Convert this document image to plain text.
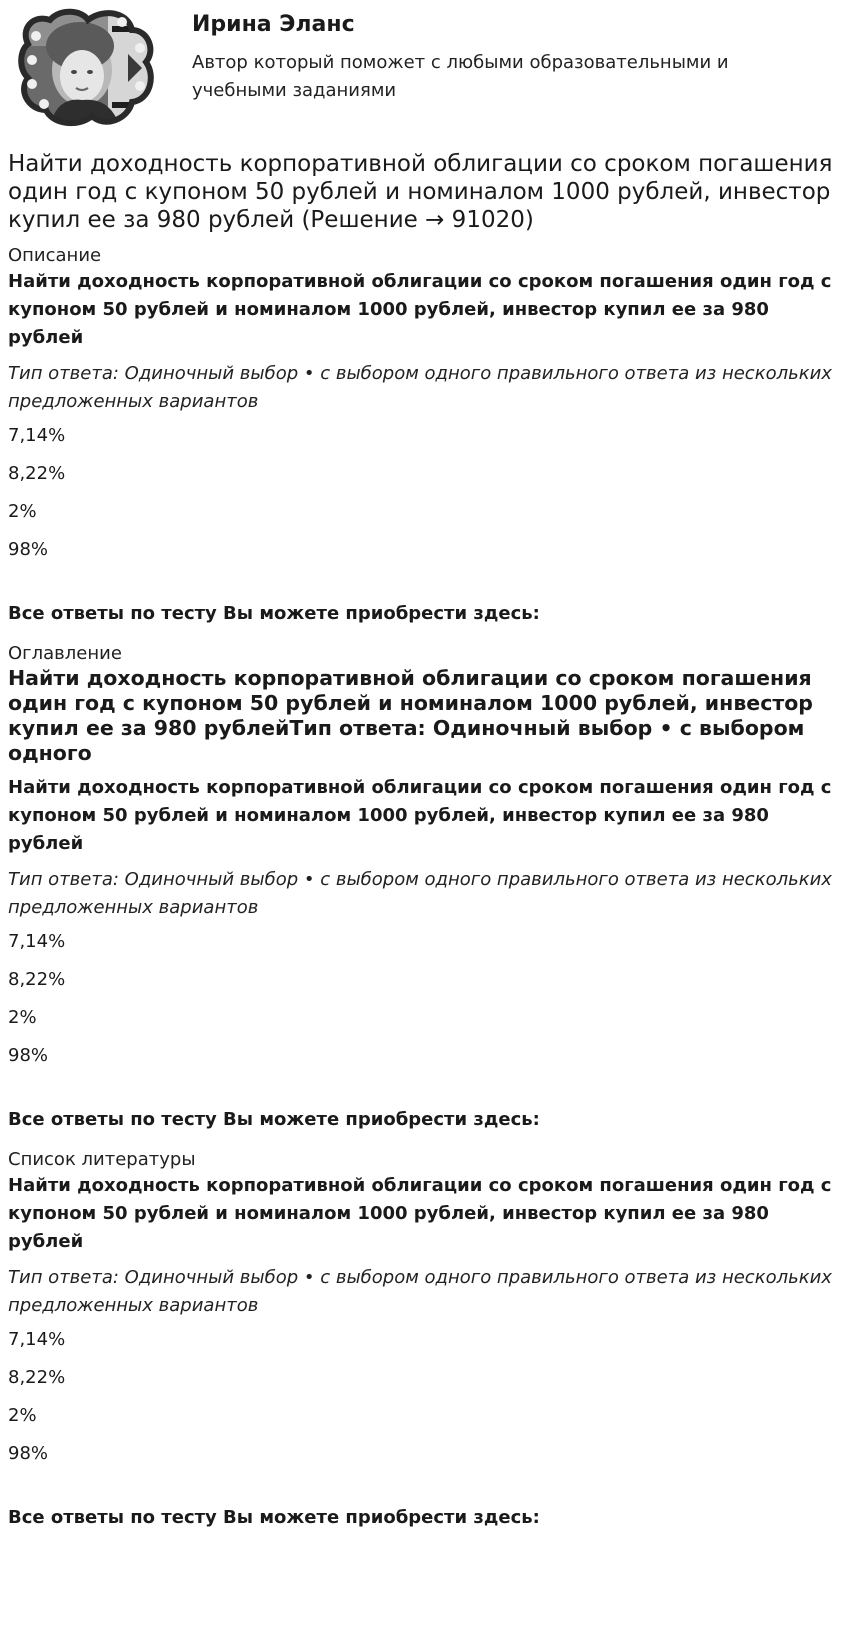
Ирина Эланс

Автор который поможет с любыми образовательными и учебными заданиями

Найти доходность корпоративной облигации со сроком погашения один год с купоном 50 рублей и номиналом 1000 рублей, инвестор купил ее за 980 рублей (Решение → 91020)

Описание

Найти доходность корпоративной облигации со сроком погашения один год с купоном 50 рублей и номиналом 1000 рублей, инвестор купил ее за 980 рублей

Тип ответа: Одиночный выбор • с выбором одного правильного ответа из нескольких предложенных вариантов

7,14%

8,22%

2%

98%

Все ответы по тесту Вы можете приобрести здесь:

Оглавление

Найти доходность корпоративной облигации со сроком погашения один год с купоном 50 рублей и номиналом 1000 рублей, инвестор купил ее за 980 рублейТип ответа: Одиночный выбор • с выбором одного

Найти доходность корпоративной облигации со сроком погашения один год с купоном 50 рублей и номиналом 1000 рублей, инвестор купил ее за 980 рублей

Тип ответа: Одиночный выбор • с выбором одного правильного ответа из нескольких предложенных вариантов

7,14%

8,22%

2%

98%

Все ответы по тесту Вы можете приобрести здесь:

Список литературы

Найти доходность корпоративной облигации со сроком погашения один год с купоном 50 рублей и номиналом 1000 рублей, инвестор купил ее за 980 рублей

Тип ответа: Одиночный выбор • с выбором одного правильного ответа из нескольких предложенных вариантов

7,14%

8,22%

2%

98%

Все ответы по тесту Вы можете приобрести здесь:
